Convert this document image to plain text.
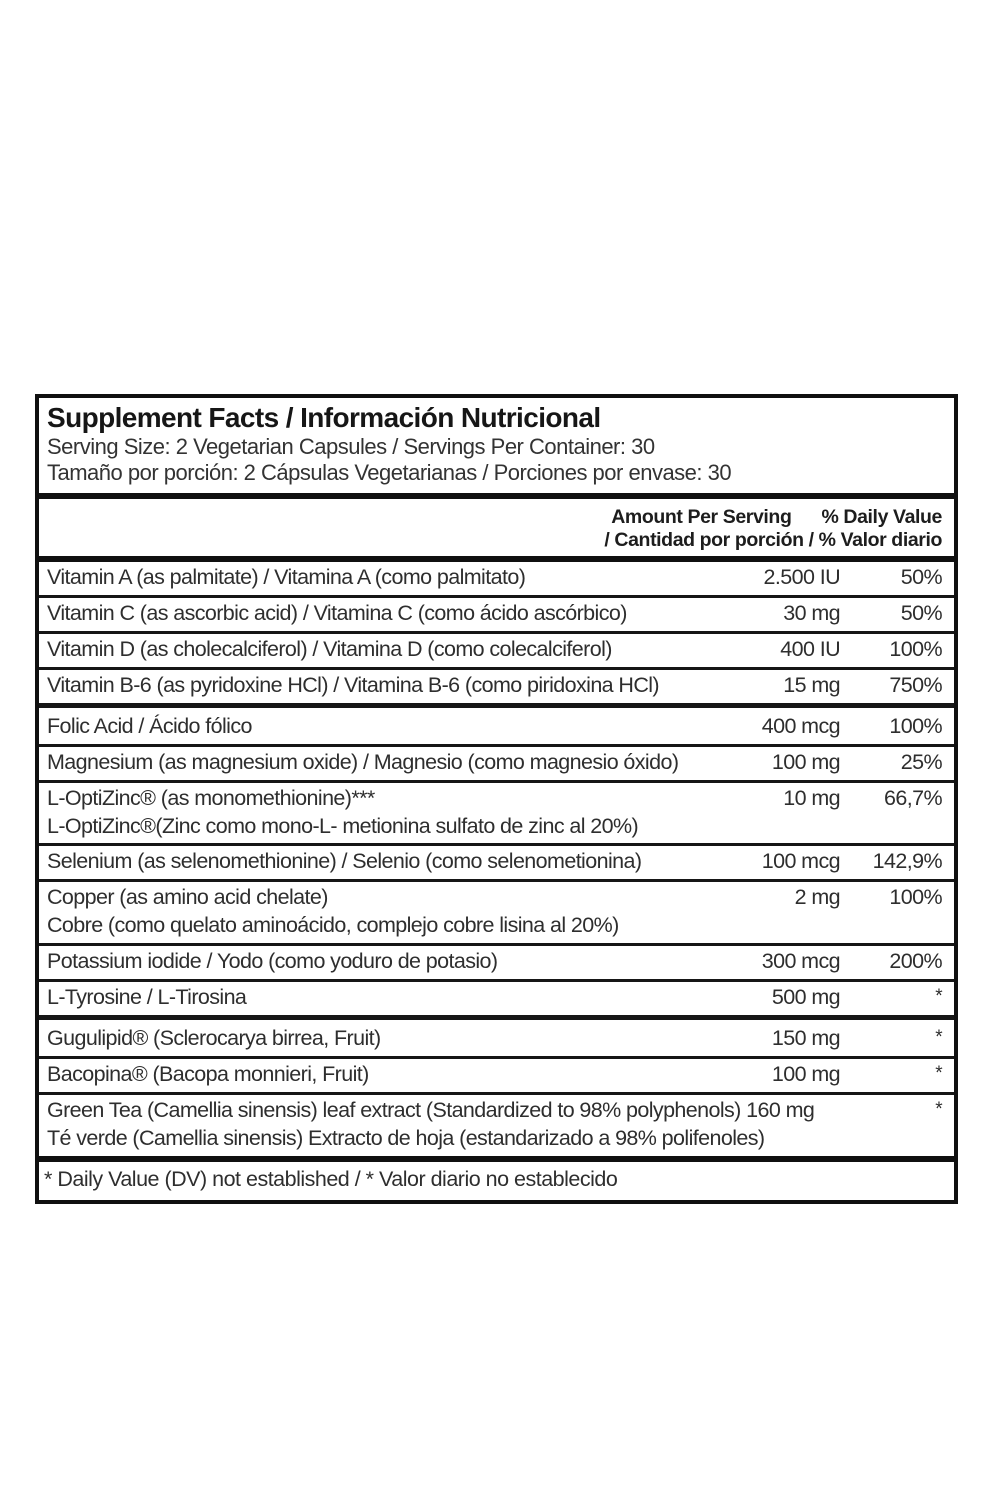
Supplement Facts / Información Nutricional
Serving Size: 2 Vegetarian Capsules / Servings Per Container: 30
Tamaño por porción: 2 Cápsulas Vegetarianas / Porciones por envase: 30
Amount Per Serving % Daily Value
/ Cantidad por porción / % Valor diario
Vitamin A (as palmitate) / Vitamina A (como palmitato)	2.500 IU	50%
Vitamin C (as ascorbic acid) / Vitamina C (como ácido ascórbico)	30 mg	50%
Vitamin D (as cholecalciferol) / Vitamina D (como colecalciferol)	400 IU	100%
Vitamin B-6 (as pyridoxine HCl) / Vitamina B-6 (como piridoxina HCl)	15 mg	750%
Folic Acid / Ácido fólico	400 mcg	100%
Magnesium (as magnesium oxide) / Magnesio (como magnesio óxido)	100 mg	25%
L-OptiZinc® (as monomethionine)***
L-OptiZinc®(Zinc como mono-L- metionina sulfato de zinc al 20%)
10 mg	66,7%
Selenium (as selenomethionine) / Selenio (como selenometionina)	100 mcg	142,9%
Copper (as amino acid chelate)
Cobre (como quelato aminoácido, complejo cobre lisina al 20%)
2 mg	100%
Potassium iodide / Yodo (como yoduro de potasio)	300 mcg	200%
L-Tyrosine / L-Tirosina	500 mg	*
Gugulipid® (Sclerocarya birrea, Fruit)	150 mg	*
Bacopina® (Bacopa monnieri, Fruit)	100 mg	*
Green Tea (Camellia sinensis) leaf extract (Standardized to 98% polyphenols) 160 mg
Té verde (Camellia sinensis) Extracto de hoja (estandarizado a 98% polifenoles)
*
* Daily Value (DV) not established / * Valor diario no establecido
